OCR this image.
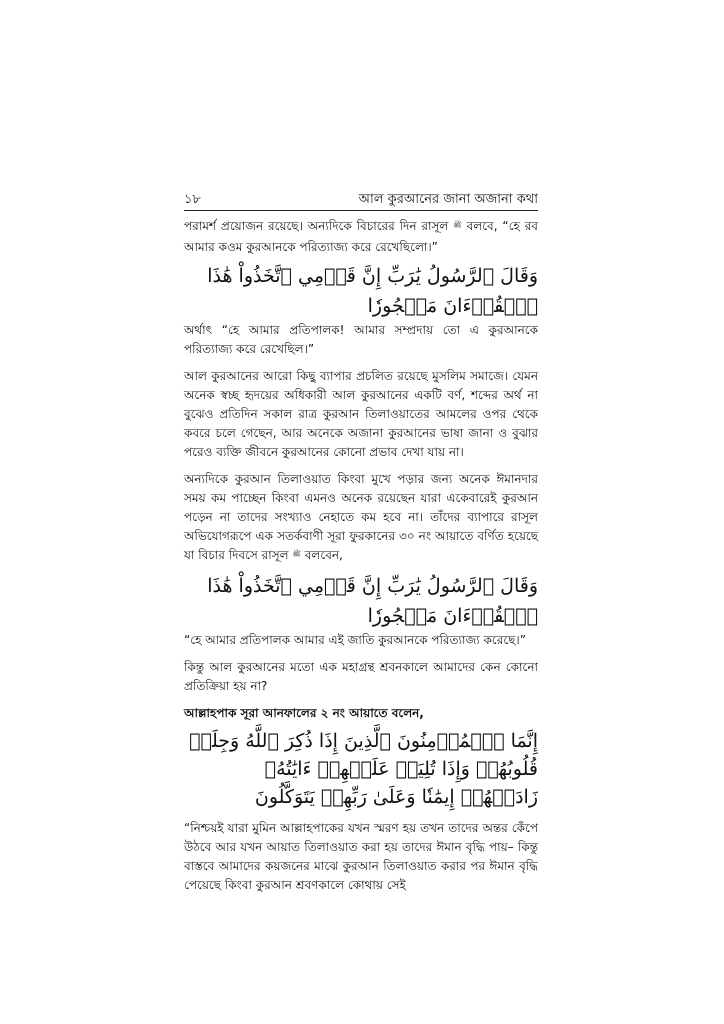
১৮	আল কুরআনের জানা অজানা কথা

পরামর্শ প্রয়োজন রয়েছে। অন্যদিকে বিচারের দিন রাসূল ﷺ বলবে, “হে রব আমার কওম কুরআনকে পরিত্যাজ্য করে রেখেছিলো।”

وَقَالَ ٱلرَّسُولُ يَٰرَبِّ إِنَّ قَوۡمِي ٱتَّخَذُواْ هَٰذَا ٱلۡقُرۡءَانَ مَهۡجُورٗا

অর্থাৎ “হে আমার প্রতিপালক! আমার সম্প্রদায় তো এ কুরআনকে পরিত্যাজ্য করে রেখেছিল।”

আল কুরআনের আরো কিছু ব্যাপার প্রচলিত রয়েছে মুসলিম সমাজে। যেমন অনেক স্বচ্ছ হৃদয়ের অধিকারী আল কুরআনের একটি বর্ণ, শব্দের অর্থ না বুঝেও প্রতিদিন সকাল রাত্র কুরআন তিলাওয়াতের আমলের ওপর থেকে কবরে চলে গেছেন, আর অনেকে অজানা কুরআনের ভাষা জানা ও বুঝার পরেও ব্যক্তি জীবনে কুরআনের কোনো প্রভাব দেখা যায় না।

অন্যদিকে কুরআন তিলাওয়াত কিংবা মুখে পড়ার জন্য অনেক ঈমানদার সময় কম পাচ্ছেন কিংবা এমনও অনেক রয়েছেন যারা একেবারেই কুরআন পড়েন না তাদের সংখ্যাও নেহাতে কম হবে না। তাঁদের ব্যাপারে রাসূল অভিযোগরূপে এক সতর্কবাণী সূরা ফুরকানের ৩০ নং আয়াতে বর্ণিত হয়েছে যা বিচার দিবসে রাসূল ﷺ বলবেন,

وَقَالَ ٱلرَّسُولُ يَٰرَبِّ إِنَّ قَوۡمِي ٱتَّخَذُواْ هَٰذَا ٱلۡقُرۡءَانَ مَهۡجُورٗا

“হে আমার প্রতিপালক আমার এই জাতি কুরআনকে পরিত্যাজ্য করেছে।”

কিন্তু আল কুরআনের মতো এক মহাগ্রন্থ শ্রবনকালে আমাদের কেন কোনো প্রতিক্রিয়া হয় না?

আল্লাহপাক সূরা আনফালের ২ নং আয়াতে বলেন,

إِنَّمَا ٱلۡمُؤۡمِنُونَ ٱلَّذِينَ إِذَا ذُكِرَ ٱللَّهُ وَجِلَتۡ قُلُوبُهُمۡ وَإِذَا تُلِيَتۡ عَلَيۡهِمۡ ءَايَٰتُهُۥ زَادَتۡهُمۡ إِيمَٰنٗا وَعَلَىٰ رَبِّهِمۡ يَتَوَكَّلُونَ

“নিশ্চয়ই যারা মুমিন আল্লাহপাকের যখন স্মরণ হয় তখন তাদের অন্তর কেঁপে উঠবে আর যখন আয়াত তিলাওয়াত করা হয় তাদের ঈমান বৃদ্ধি পায়– কিন্তু বাস্তবে আমাদের কয়জনের মাঝে কুরআন তিলাওয়াত করার পর ঈমান বৃদ্ধি পেয়েছে কিংবা কুরআন শ্রবণকালে কোথায় সেই
